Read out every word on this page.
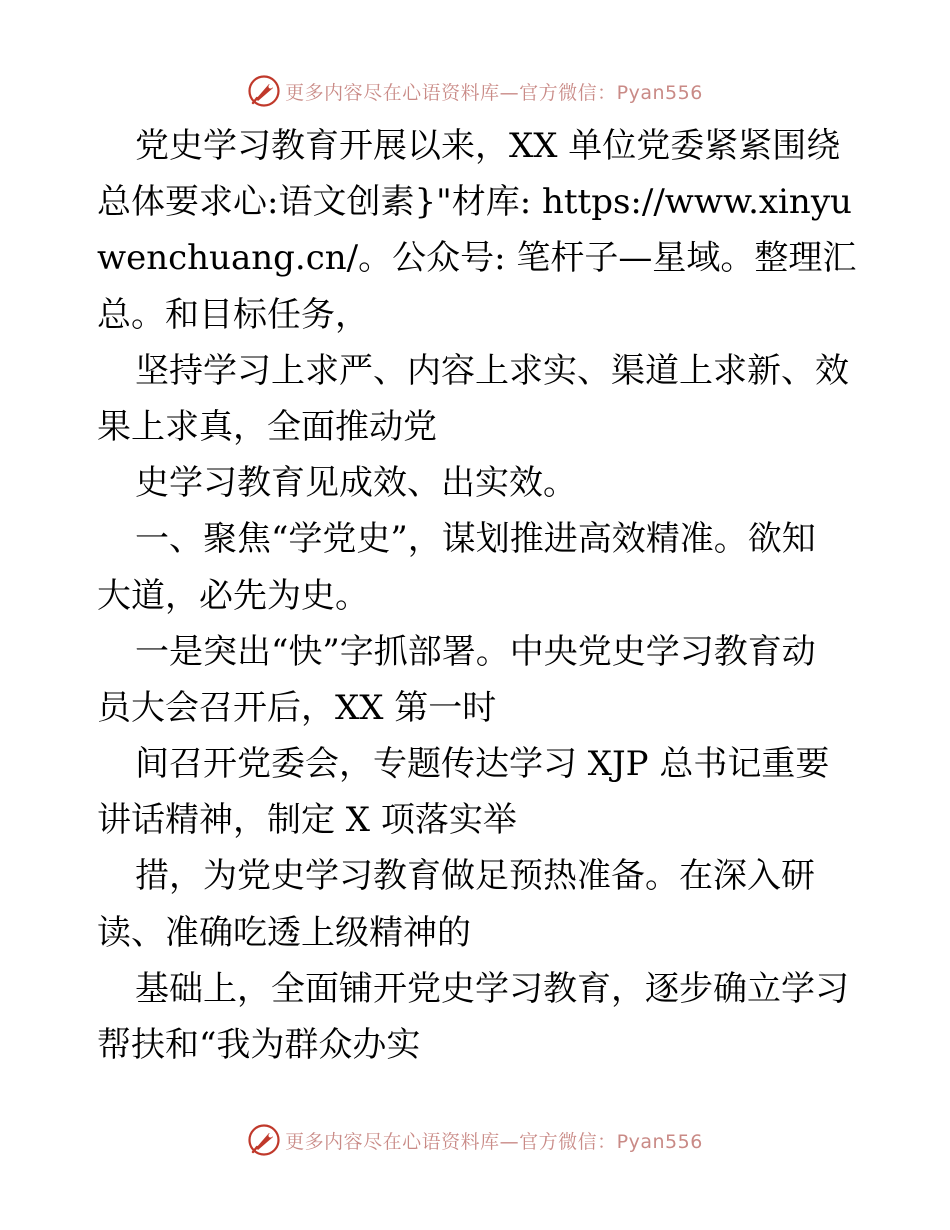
更多内容尽在心语资料库—官方微信：Pyan556
党史学习教育开展以来，XX 单位党委紧紧围绕
总体要求心:语文创素}"材库: https://www.xinyu
wenchuang.cn/。公众号: 笔杆子—星域。整理汇
总。和目标任务，
坚持学习上求严、内容上求实、渠道上求新、效
果上求真，全面推动党
史学习教育见成效、出实效。
一、聚焦“学党史”，谋划推进高效精准。欲知
大道，必先为史。
一是突出“快”字抓部署。中央党史学习教育动
员大会召开后，XX 第一时
间召开党委会，专题传达学习 XJP 总书记重要
讲话精神，制定 X 项落实举
措，为党史学习教育做足预热准备。在深入研
读、准确吃透上级精神的
基础上，全面铺开党史学习教育，逐步确立学习
帮扶和“我为群众办实
更多内容尽在心语资料库—官方微信：Pyan556
